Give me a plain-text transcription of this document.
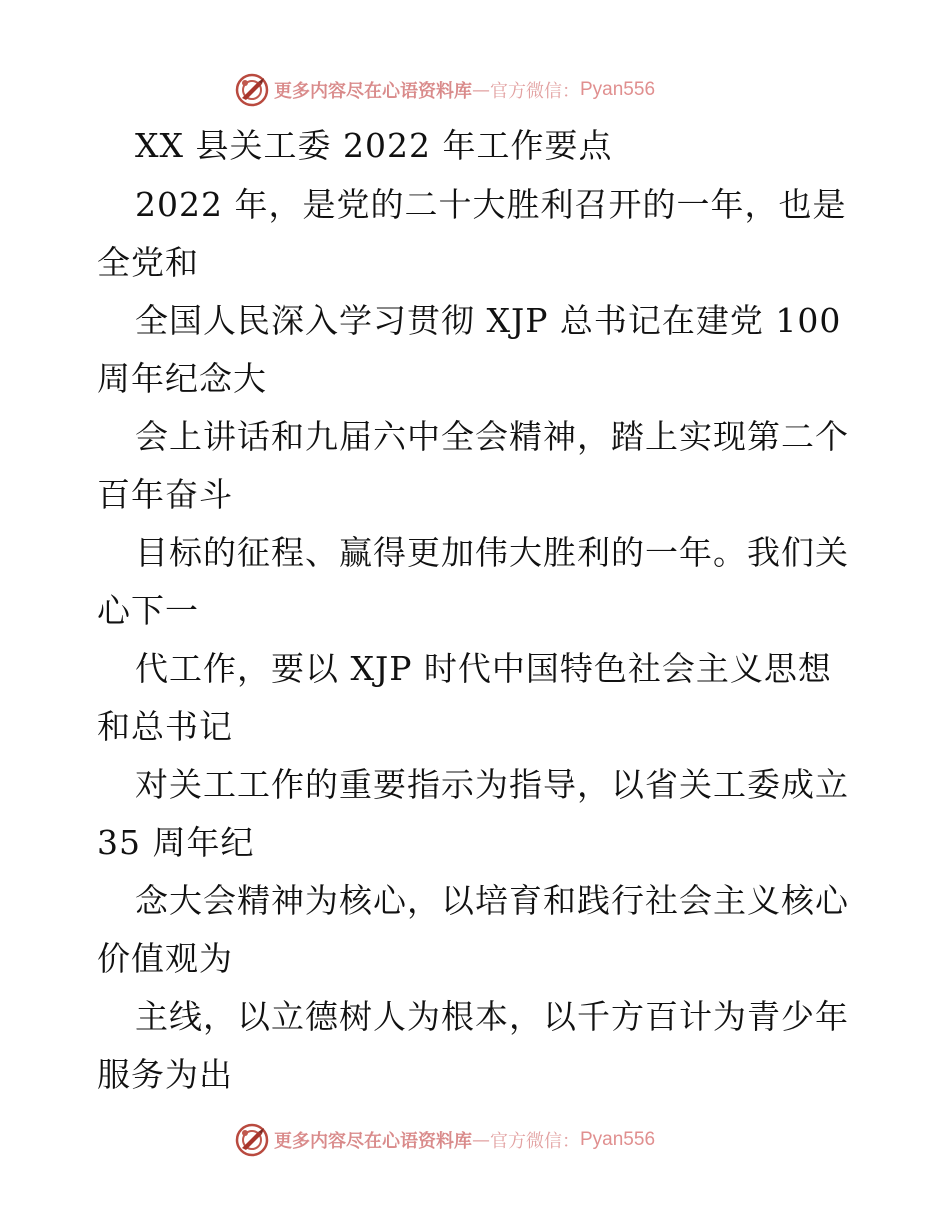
更多内容尽在心语资料库 — 官方微信： Pyan556
XX 县关工委 2022 年工作要点
2022 年，是党的二十大胜利召开的一年，也是
全党和
全国人民深入学习贯彻 XJP 总书记在建党 100
周年纪念大
会上讲话和九届六中全会精神，踏上实现第二个
百年奋斗
目标的征程、赢得更加伟大胜利的一年。我们关
心下一
代工作，要以 XJP 时代中国特色社会主义思想
和总书记
对关工工作的重要指示为指导，以省关工委成立
35 周年纪
念大会精神为核心，以培育和践行社会主义核心
价值观为
主线，以立德树人为根本，以千方百计为青少年
服务为出
更多内容尽在心语资料库 — 官方微信： Pyan556
